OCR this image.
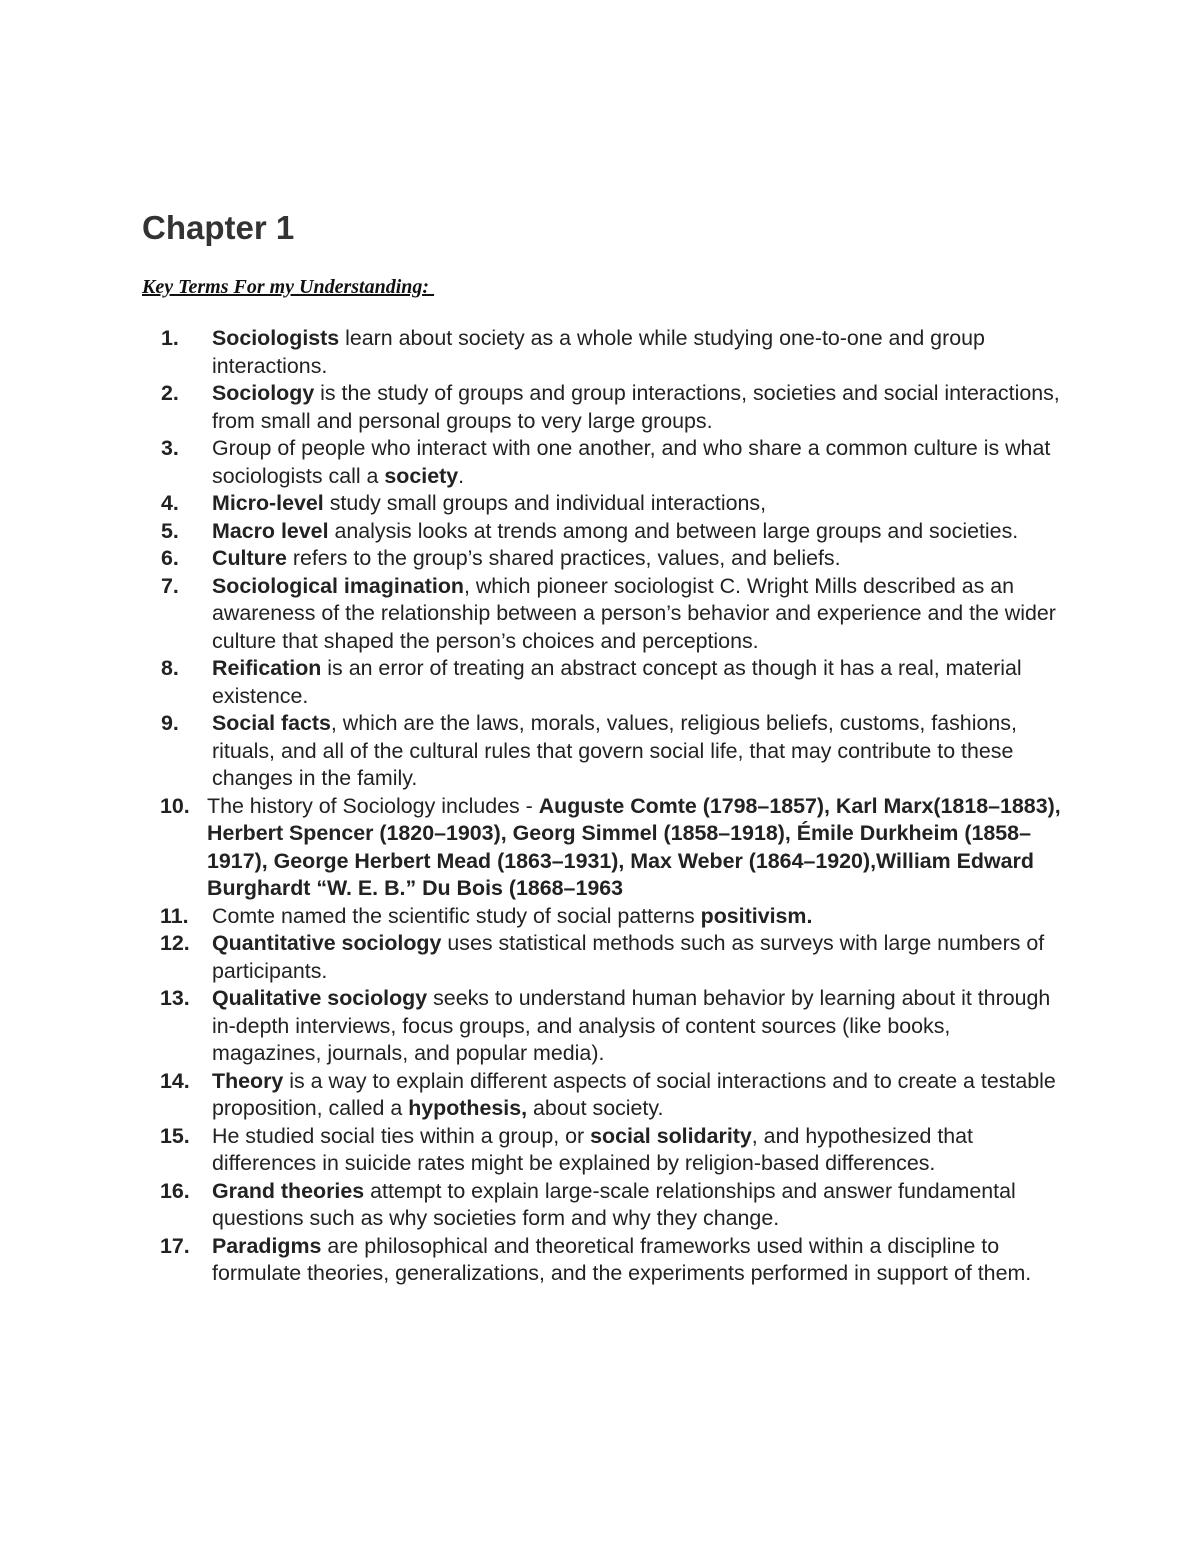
Chapter 1
Key Terms For my Understanding:
1. Sociologists learn about society as a whole while studying one-to-one and group interactions.
2. Sociology is the study of groups and group interactions, societies and social interactions, from small and personal groups to very large groups.
3. Group of people who interact with one another, and who share a common culture is what sociologists call a society.
4. Micro-level study small groups and individual interactions,
5. Macro level analysis looks at trends among and between large groups and societies.
6. Culture refers to the group’s shared practices, values, and beliefs.
7. Sociological imagination, which pioneer sociologist C. Wright Mills described as an awareness of the relationship between a person’s behavior and experience and the wider culture that shaped the person’s choices and perceptions.
8. Reification is an error of treating an abstract concept as though it has a real, material existence.
9. Social facts, which are the laws, morals, values, religious beliefs, customs, fashions, rituals, and all of the cultural rules that govern social life, that may contribute to these changes in the family.
10. The history of Sociology includes - Auguste Comte (1798–1857), Karl Marx(1818–1883), Herbert Spencer (1820–1903), Georg Simmel (1858–1918), Émile Durkheim (1858–1917), George Herbert Mead (1863–1931), Max Weber (1864–1920),William Edward Burghardt “W. E. B.” Du Bois (1868–1963
11. Comte named the scientific study of social patterns positivism.
12. Quantitative sociology uses statistical methods such as surveys with large numbers of participants.
13. Qualitative sociology seeks to understand human behavior by learning about it through in-depth interviews, focus groups, and analysis of content sources (like books, magazines, journals, and popular media).
14. Theory is a way to explain different aspects of social interactions and to create a testable proposition, called a hypothesis, about society.
15. He studied social ties within a group, or social solidarity, and hypothesized that differences in suicide rates might be explained by religion-based differences.
16. Grand theories attempt to explain large-scale relationships and answer fundamental questions such as why societies form and why they change.
17. Paradigms are philosophical and theoretical frameworks used within a discipline to formulate theories, generalizations, and the experiments performed in support of them.
